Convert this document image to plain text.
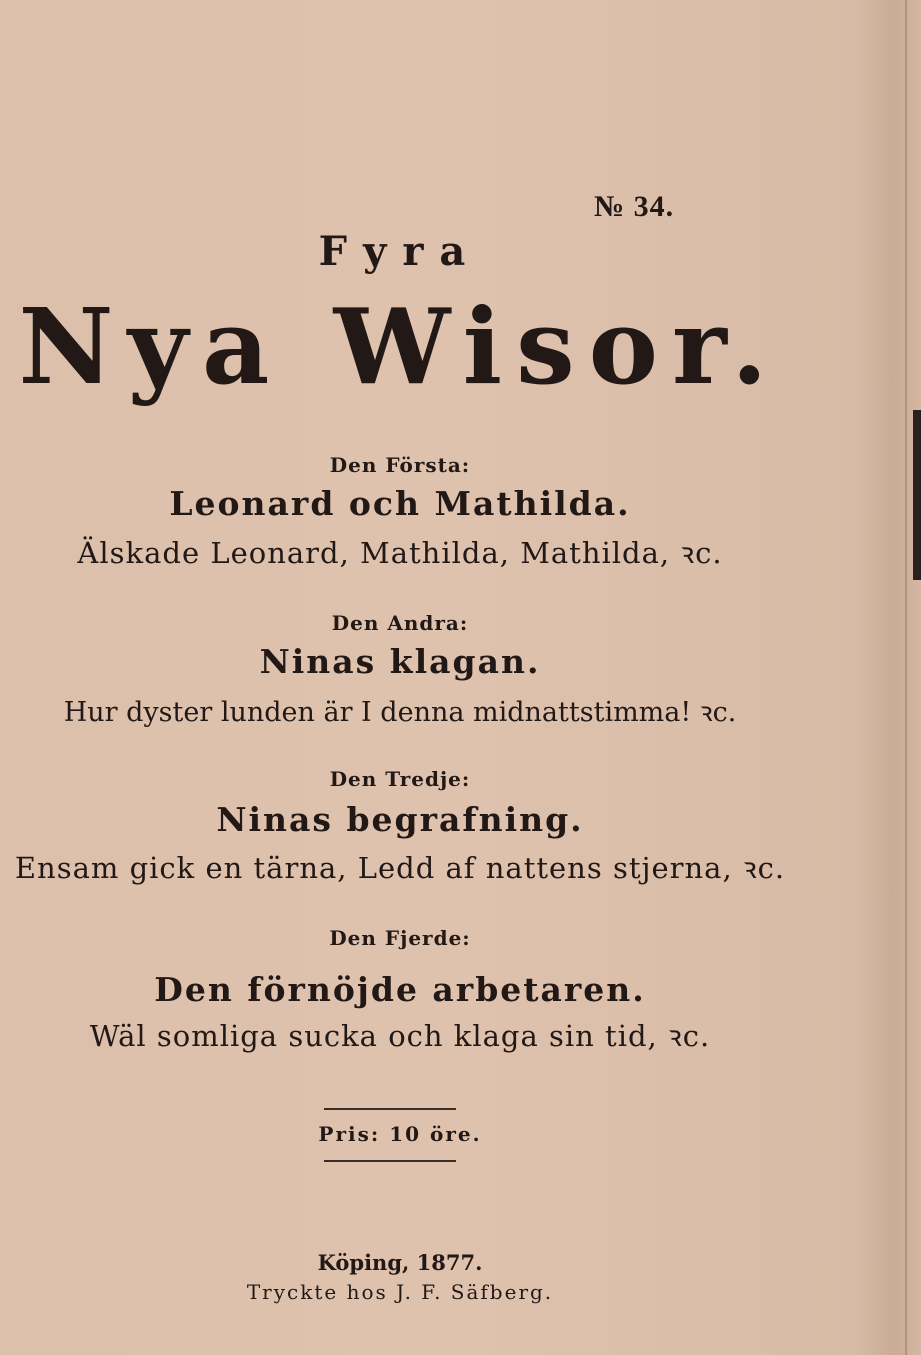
№ 34.
Fyra
Nya Wisor.
Den Första:
Leonard och Mathilda.
Älskade Leonard, Mathilda, Mathilda, ꝛc.
Den Andra:
Ninas klagan.
Hur dyster lunden är I denna midnattstimma! ꝛc.
Den Tredje:
Ninas begrafning.
Ensam gick en tärna, Ledd af nattens stjerna, ꝛc.
Den Fjerde:
Den förnöjde arbetaren.
Wäl somliga sucka och klaga sin tid, ꝛc.
Pris: 10 öre.
Köping, 1877.
Tryckte hos J. F. Säfberg.
